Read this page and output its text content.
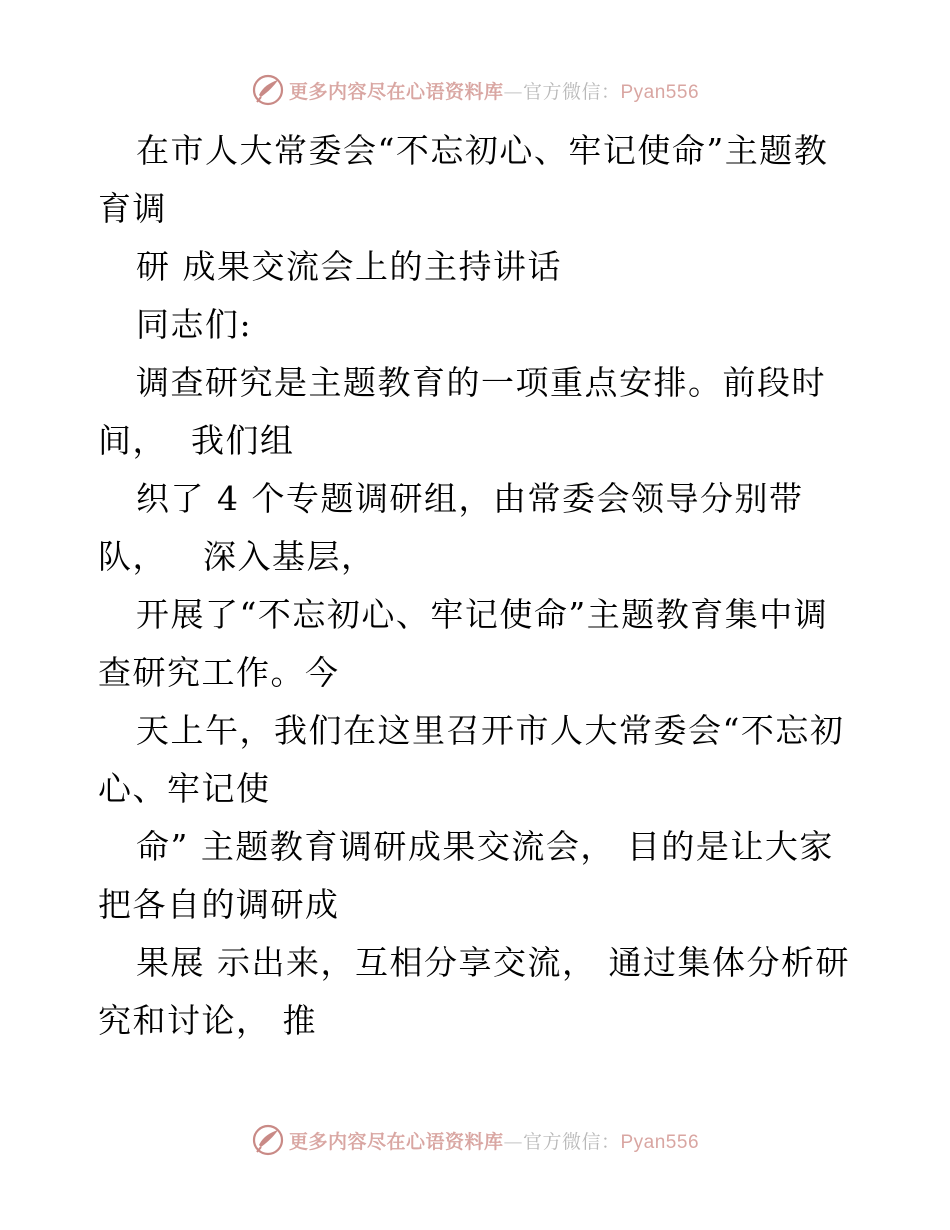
更多内容尽在心语资料库—官方微信：Pyan556
在市人大常委会“不忘初心、牢记使命”主题教
育调
研 成果交流会上的主持讲话
同志们:
调查研究是主题教育的一项重点安排。前段时
间，  我们组
织了 4 个专题调研组，由常委会领导分别带
队，   深入基层，
开展了“不忘初心、牢记使命”主题教育集中调
查研究工作。今
天上午，我们在这里召开市人大常委会“不忘初
心、牢记使
命” 主题教育调研成果交流会， 目的是让大家
把各自的调研成
果展 示出来，互相分享交流， 通过集体分析研
究和讨论， 推
更多内容尽在心语资料库—官方微信：Pyan556
